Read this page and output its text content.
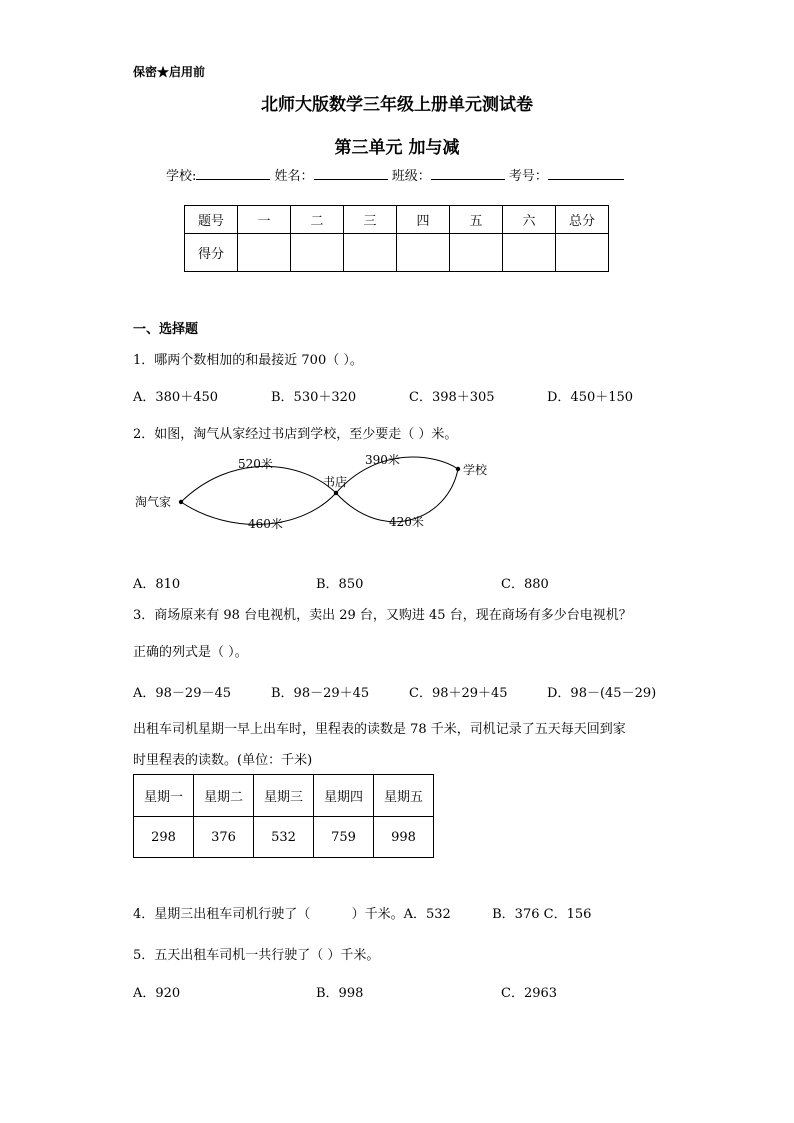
保密★启用前
北师大版数学三年级上册单元测试卷
第三单元 加与减
学校:	姓名：	班级：	考号：
题号	一	二	三	四	五	六	总分
得分							
一、选择题
1．哪两个数相加的和最接近 700（ ）。
A．380＋450	B．530＋320	C．398＋305	D．450＋150
2．如图，淘气从家经过书店到学校，至少要走（ ）米。
淘气家
书店
学校
520米
460米
390米
420米
A．810	B．850	C．880
3．商场原来有 98 台电视机，卖出 29 台，又购进 45 台，现在商场有多少台电视机？
正确的列式是（ ）。
A．98－29－45	B．98－29＋45	C．98＋29＋45	D．98－(45－29)
出租车司机星期一早上出车时，里程表的读数是 78 千米，司机记录了五天每天回到家
时里程表的读数。(单位：千米)
星期一	星期二	星期三	星期四	星期五
298	376	532	759	998
4．星期三出租车司机行驶了（          ）千米。A．532          B．376 C．156
5．五天出租车司机一共行驶了（ ）千米。
A．920	B．998	C．2963
